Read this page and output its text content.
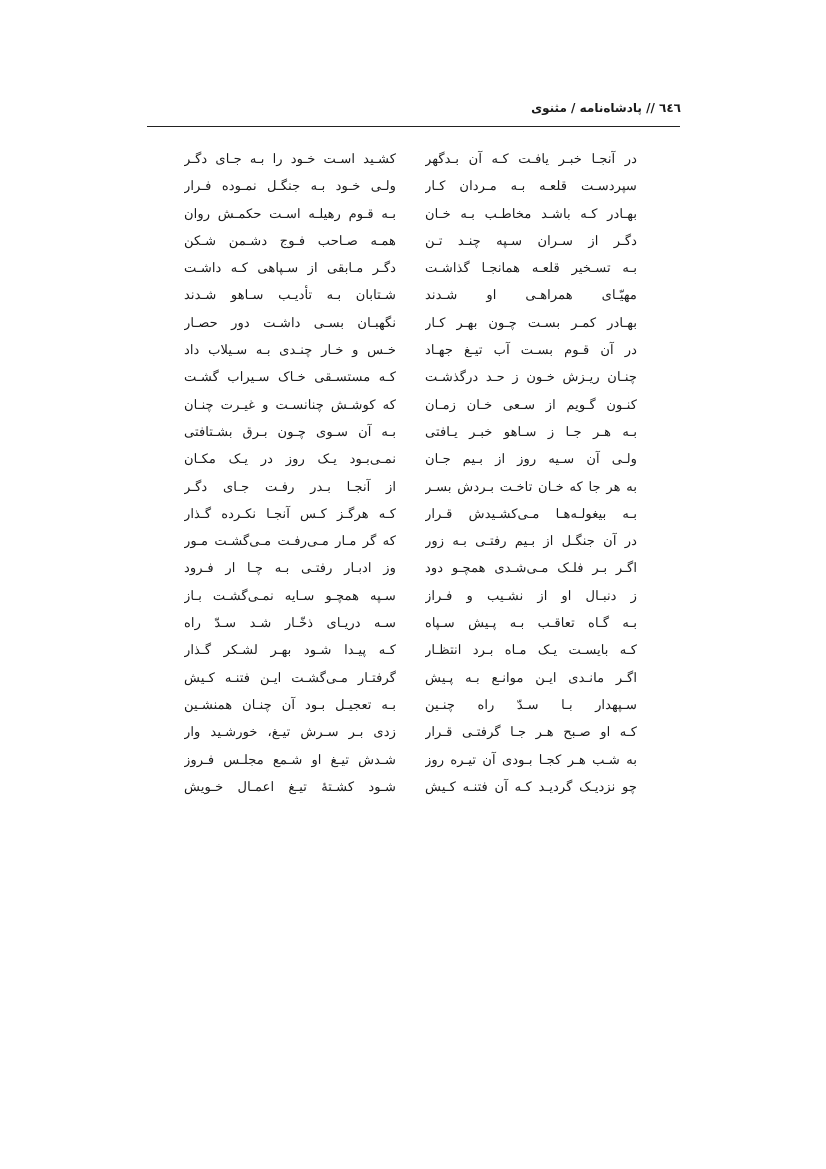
٦٤٦ // پادشاه‌نامه / مثنوی
در آنجـا خبـر یافـت کـه آن بـدگهر
سپردسـت قلعـه بـه مـردان کـار
بهـادر کـه باشـد مخاطـب بـه خـان
دگـر از سـران سـپه چنـد تـن
بـه تسـخیر قلعـه همانجـا گذاشـت
مهیّـای همراهـی او شـدند
بهـادر کمـر بسـت چـون بهـر کـار
در آن قـوم بسـت آب تیـغ جهـاد
چنـان ریـزش خـون ز حـد درگذشـت
کنـون گـویم از سـعی خـان زمـان
بـه هـر جـا ز سـاهو خبـر یـافتی
ولـی آن سـیه روز از بـیم جـان
به هر جا که خـان تاخـت بـردش بسـر
بـه بیغولـه‌هـا مـی‌کشـیدش قـرار
در آن جنگـل از بـیم رفتـی بـه زور
اگـر بـر فلـک مـی‌شـدی همچـو دود
ز دنبـال او از نشـیب و فـراز
بـه گـاه تعاقـب بـه پـیش سـپاه
کـه بایسـت یـک مـاه بـرد انتظـار
اگـر مانـدی ایـن موانـع بـه پـیش
سـپهدار بـا سـدّ راه چنـین
کـه او صـبح هـر جـا گرفتـی قـرار
به شـب هـر کجـا بـودی آن تیـره روز
چو نزدیـک گردیـد کـه آن فتنـه کـیش
کشـید اسـت خـود را بـه جـای دگـر
ولـی خـود بـه جنگـل نمـوده فـرار
بـه قـوم رهیلـه اسـت حکمـش روان
همـه صـاحب فـوج دشـمن شـکن
دگـر مـابقی از سـپاهی کـه داشـت
شـتابان بـه تأدیـب سـاهو شـدند
نگهبـان بسـی داشـت دور حصـار
خـس و خـار چنـدی بـه سـیلاب داد
کـه مستسـقی خـاک سـیراب گشـت
که کوشـش چنانسـت و غیـرت چنـان
بـه آن سـوی چـون بـرق بشـتافتی
نمـی‌بـود یـک روز در یـک مکـان
از آنجـا بـدر رفـت جـای دگـر
کـه هرگـز کـس آنجـا نکـرده گـذار
که گر مـار مـی‌رفـت مـی‌گشـت مـور
وز ادبـار رفتـی بـه چـا ار فـرود
سـپه همچـو سـایه نمـی‌گشـت بـاز
سـه دریـای ذخّـار شـد سـدّ راه
کـه پیـدا شـود بهـر لشـکر گـذار
گرفتـار مـی‌گشـت ایـن فتنـه کـیش
بـه تعجیـل بـود آن چنـان همنشـین
زدی بـر سـرش تیـغ، خورشـید وار
شـدش تیـغ او شـمع مجلـس فـروز
شـود کشـتهٔ تیـغ اعمـال خـویش
